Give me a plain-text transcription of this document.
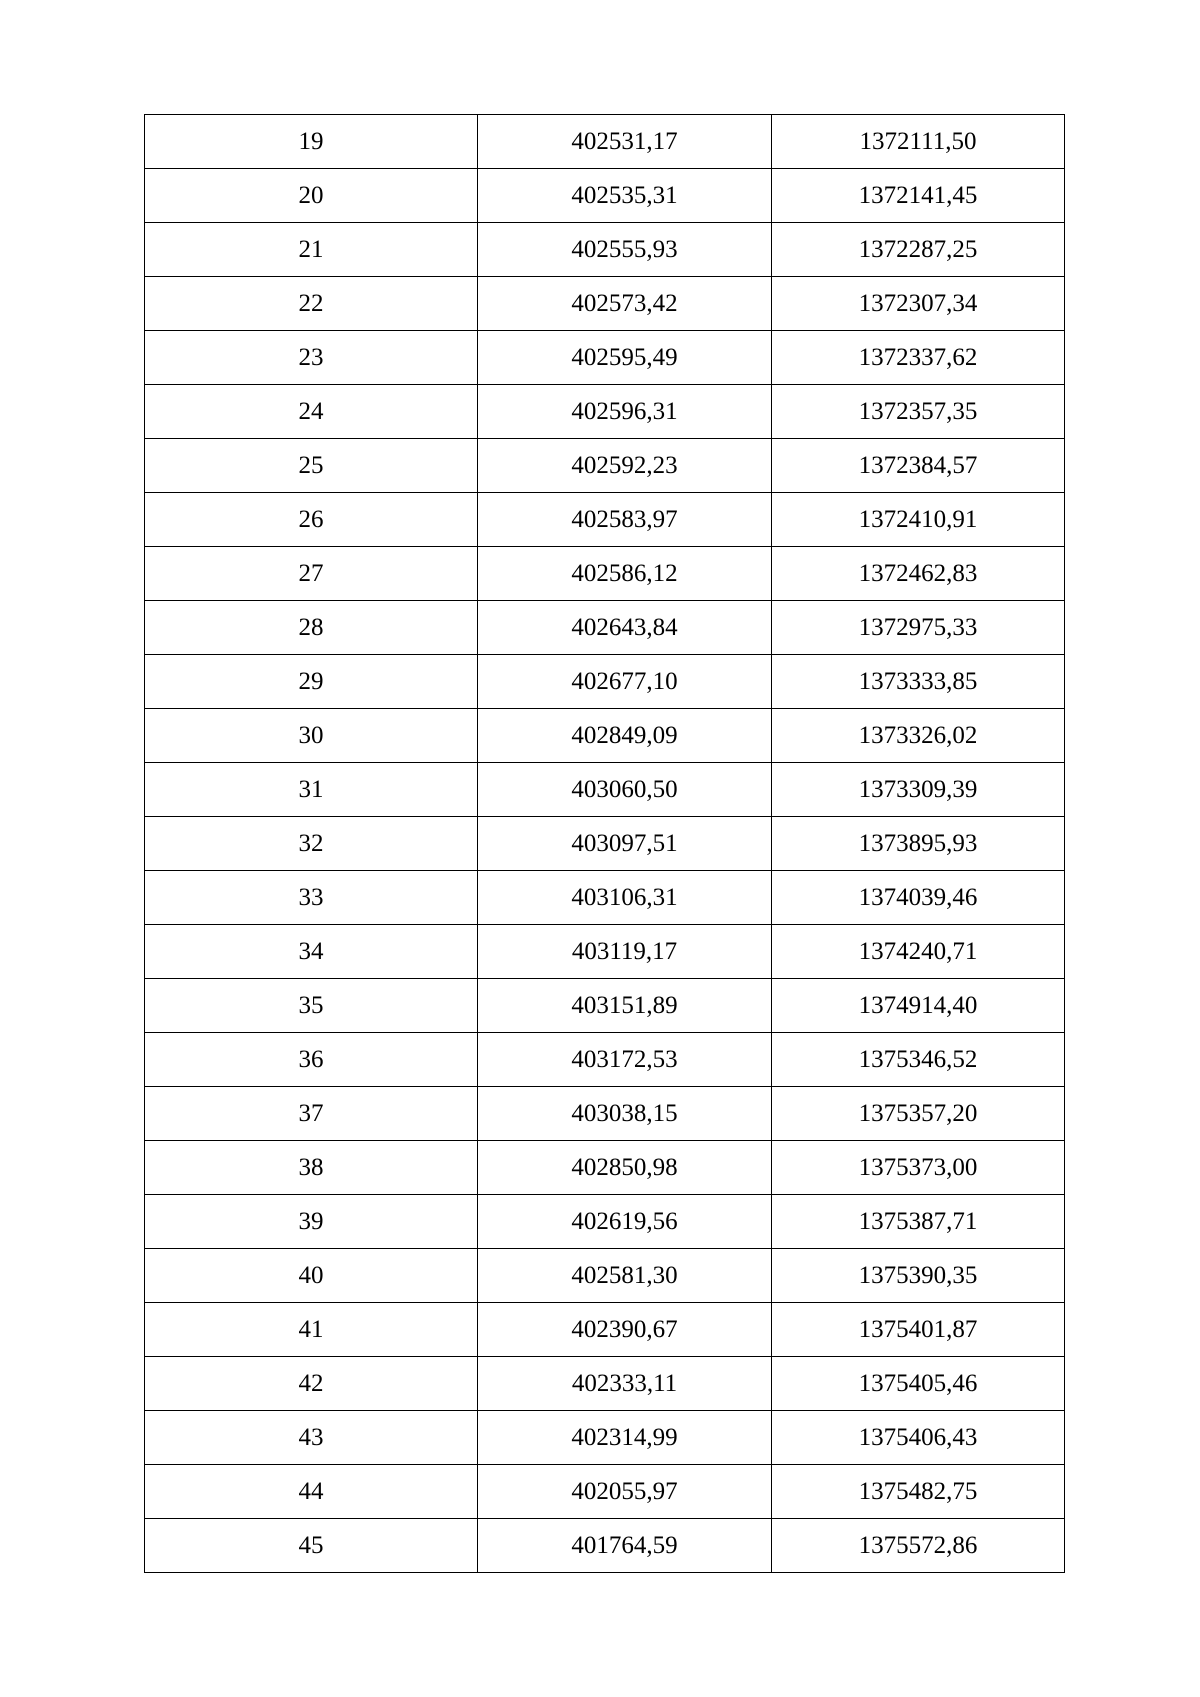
19	402531,17	1372111,50
20	402535,31	1372141,45
21	402555,93	1372287,25
22	402573,42	1372307,34
23	402595,49	1372337,62
24	402596,31	1372357,35
25	402592,23	1372384,57
26	402583,97	1372410,91
27	402586,12	1372462,83
28	402643,84	1372975,33
29	402677,10	1373333,85
30	402849,09	1373326,02
31	403060,50	1373309,39
32	403097,51	1373895,93
33	403106,31	1374039,46
34	403119,17	1374240,71
35	403151,89	1374914,40
36	403172,53	1375346,52
37	403038,15	1375357,20
38	402850,98	1375373,00
39	402619,56	1375387,71
40	402581,30	1375390,35
41	402390,67	1375401,87
42	402333,11	1375405,46
43	402314,99	1375406,43
44	402055,97	1375482,75
45	401764,59	1375572,86
